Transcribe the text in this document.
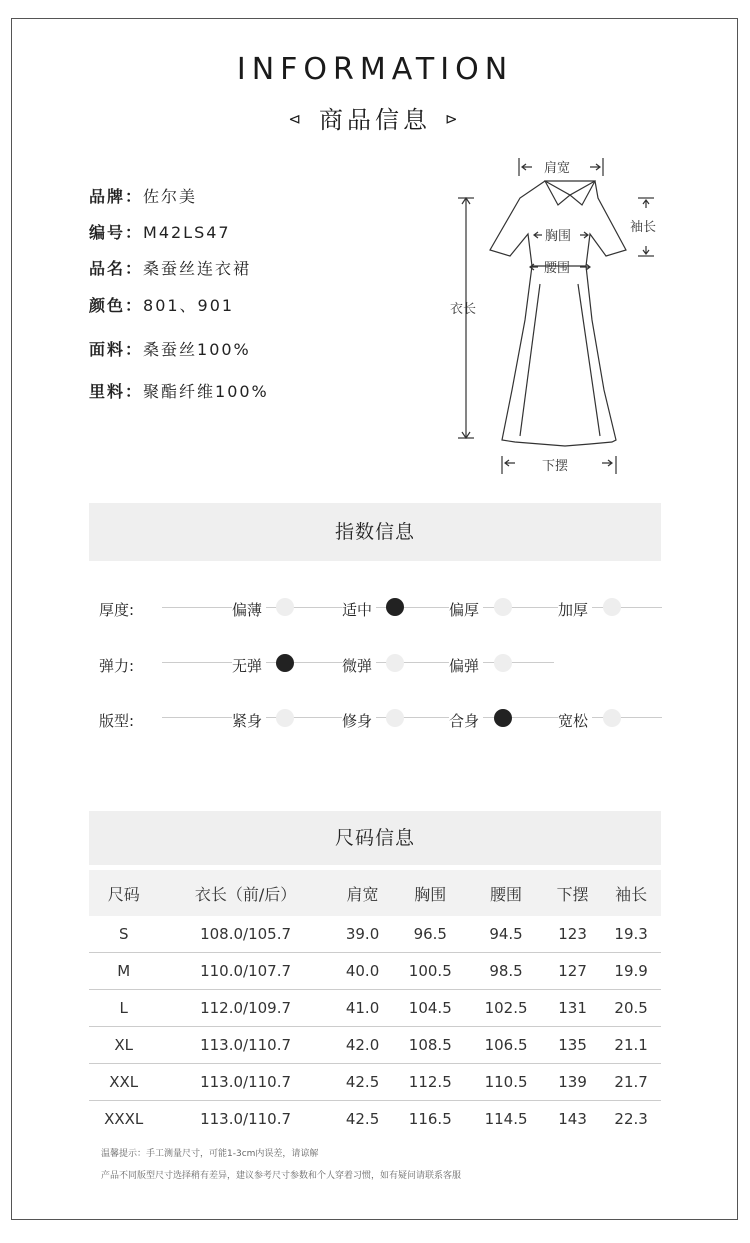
INFORMATION
⊲ 商品信息 ⊳
品牌：佐尔美
编号：M42LS47
品名：桑蚕丝连衣裙
颜色：801、901
面料：桑蚕丝100%
里料：聚酯纤维100%
肩宽
袖长
胸围
腰围
衣长
下摆
指数信息
厚度:	偏薄	适中	偏厚	加厚
弹力:	无弹	微弹	偏弹
版型:	紧身	修身	合身	宽松
尺码信息
尺码	衣长（前/后）	肩宽	胸围	腰围	下摆	袖长
S	108.0/105.7	39.0	96.5	94.5	123	19.3
M	110.0/107.7	40.0	100.5	98.5	127	19.9
L	112.0/109.7	41.0	104.5	102.5	131	20.5
XL	113.0/110.7	42.0	108.5	106.5	135	21.1
XXL	113.0/110.7	42.5	112.5	110.5	139	21.7
XXXL	113.0/110.7	42.5	116.5	114.5	143	22.3
温馨提示：手工测量尺寸，可能1-3cm内误差，请谅解
产品不同版型尺寸选择稍有差异，建议参考尺寸参数和个人穿着习惯，如有疑问请联系客服
